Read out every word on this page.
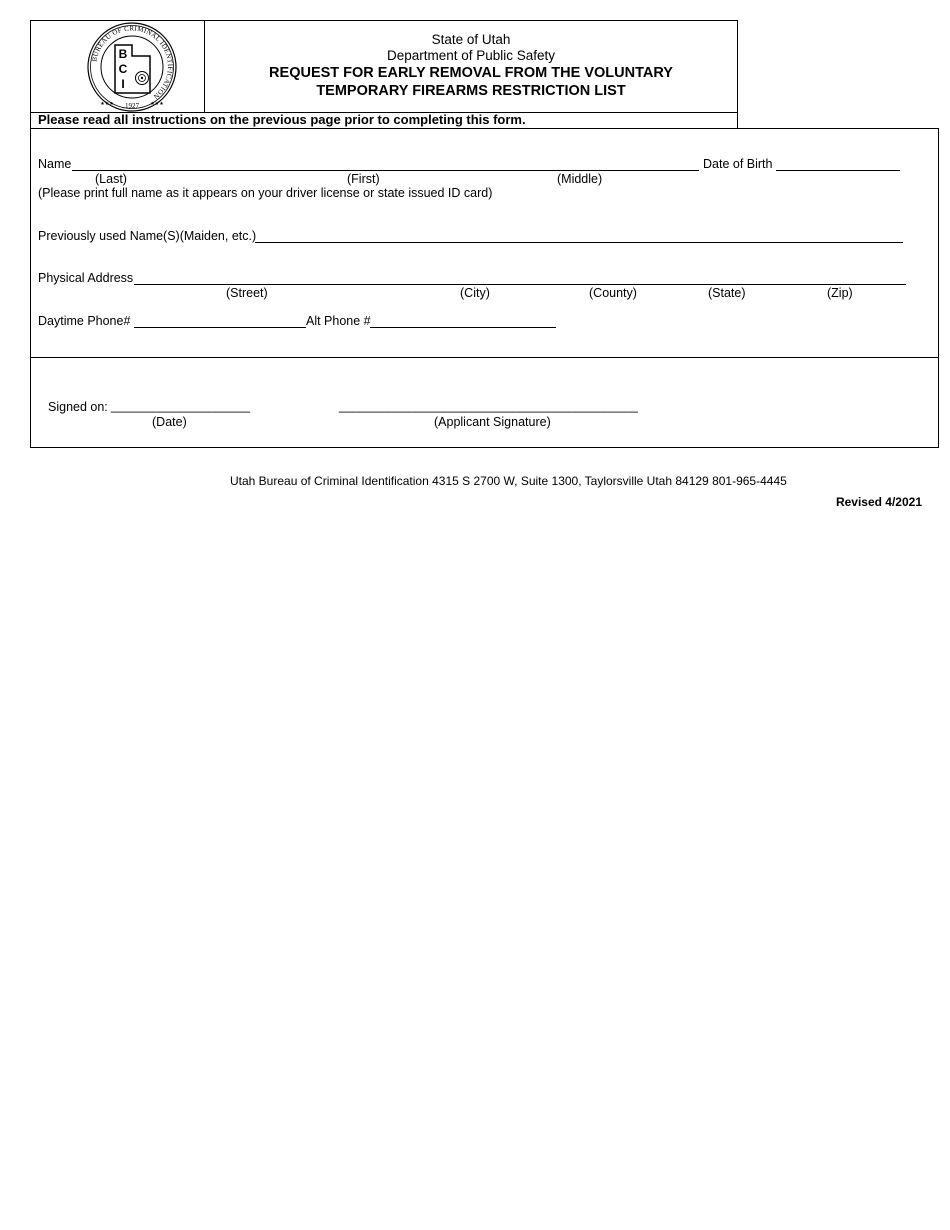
BUREAU OF CRIMINAL IDENTIFICATION
B
C
I
1927
★★★	★★★
State of Utah
Department of Public Safety
REQUEST FOR EARLY REMOVAL FROM THE VOLUNTARY
TEMPORARY FIREARMS RESTRICTION LIST
Please read all instructions on the previous page prior to completing this form.
Name	Date of Birth
(Last)	(First)	(Middle)
(Please print full name as it appears on your driver license or state issued ID card)
Previously used Name(S)(Maiden, etc.)
Physical Address
(Street)	(City)	(County)	(State)	(Zip)
Daytime Phone#	Alt Phone #
Signed on: ____________________	___________________________________________
(Date)	(Applicant Signature)
Utah Bureau of Criminal Identification 4315 S 2700 W, Suite 1300, Taylorsville Utah 84129 801-965-4445
Revised 4/2021
